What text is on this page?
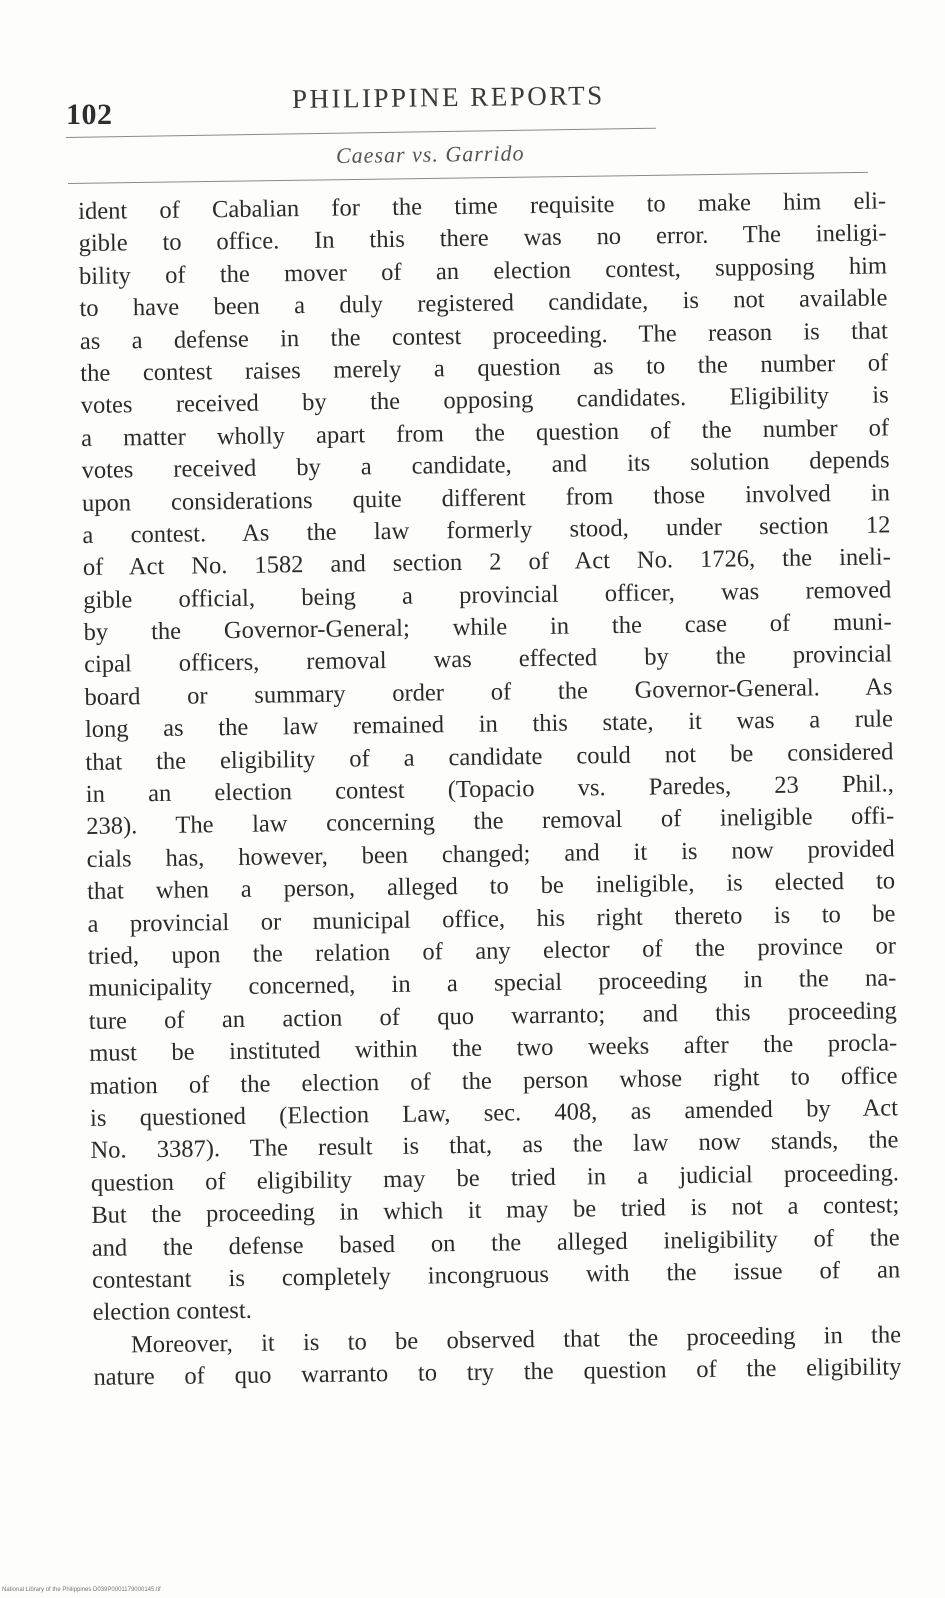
102
PHILIPPINE REPORTS
Caesar vs. Garrido
ident of Cabalian for the time requisite to make him eli-
gible to office. In this there was no error. The ineligi-
bility of the mover of an election contest, supposing him
to have been a duly registered candidate, is not available
as a defense in the contest proceeding. The reason is that
the contest raises merely a question as to the number of
votes received by the opposing candidates. Eligibility is
a matter wholly apart from the question of the number of
votes received by a candidate, and its solution depends
upon considerations quite different from those involved in
a contest. As the law formerly stood, under section 12
of Act No. 1582 and section 2 of Act No. 1726, the ineli-
gible official, being a provincial officer, was removed
by the Governor-General; while in the case of muni-
cipal officers, removal was effected by the provincial
board or summary order of the Governor-General. As
long as the law remained in this state, it was a rule
that the eligibility of a candidate could not be considered
in an election contest (Topacio vs. Paredes, 23 Phil.,
238). The law concerning the removal of ineligible offi-
cials has, however, been changed; and it is now provided
that when a person, alleged to be ineligible, is elected to
a provincial or municipal office, his right thereto is to be
tried, upon the relation of any elector of the province or
municipality concerned, in a special proceeding in the na-
ture of an action of quo warranto; and this proceeding
must be instituted within the two weeks after the procla-
mation of the election of the person whose right to office
is questioned (Election Law, sec. 408, as amended by Act
No. 3387). The result is that, as the law now stands, the
question of eligibility may be tried in a judicial proceeding.
But the proceeding in which it may be tried is not a contest;
and the defense based on the alleged ineligibility of the
contestant is completely incongruous with the issue of an
election contest.
Moreover, it is to be observed that the proceeding in the
nature of quo warranto to try the question of the eligibility
National Library of the Philippines D039P0001179000145.tif
